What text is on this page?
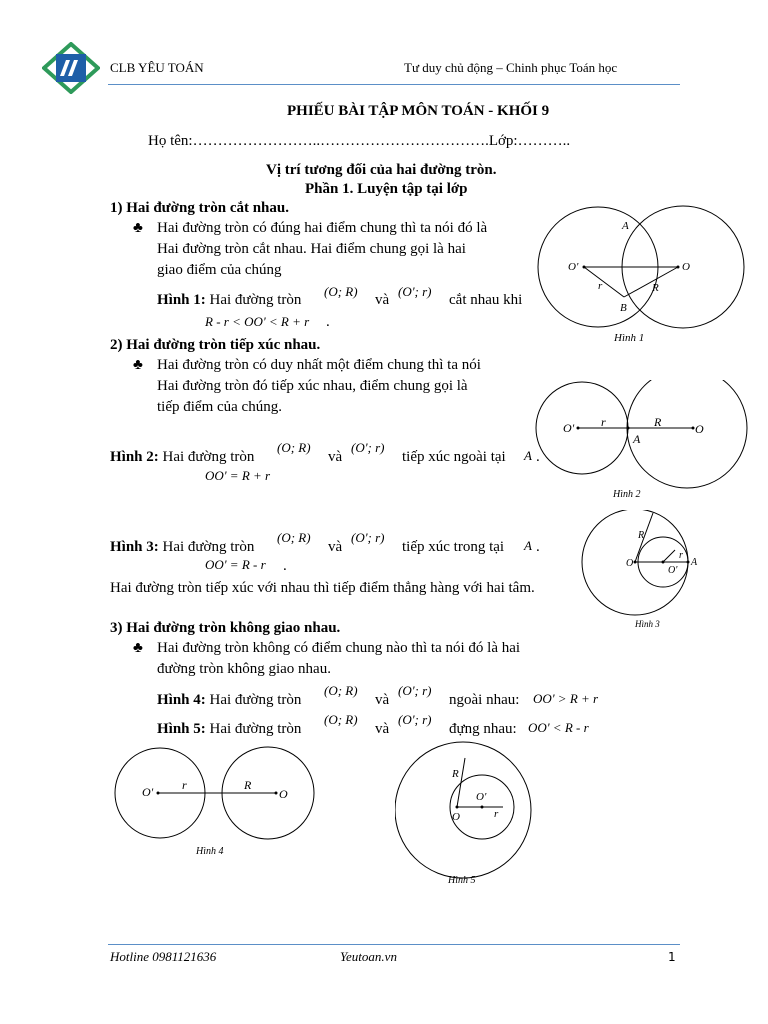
CLB YÊU TOÁN	Tư duy chủ động – Chinh phục Toán học
PHIẾU BÀI TẬP MÔN TOÁN - KHỐI 9
Họ tên:……………………..…………………………….Lớp:………..
Vị trí tương đối của hai đường tròn.
Phần 1. Luyện tập tại lớp
1) Hai đường tròn cắt nhau.
♣ Hai đường tròn có đúng hai điểm chung thì ta nói đó là
Hai đường tròn cắt nhau. Hai điểm chung gọi là hai
giao điểm của chúng
Hình 1: Hai đường tròn
(O; R)
và
(O'; r)
cắt nhau khi
R - r < OO' < R + r .
O'	O
A
B
r	R
Hình 1
2) Hai đường tròn tiếp xúc nhau.
♣ Hai đường tròn có duy nhất một điểm chung thì ta nói
Hai đường tròn đó tiếp xúc nhau, điểm chung gọi là
tiếp điểm của chúng.
Hình 2: Hai đường tròn
(O; R)
và
(O'; r)
tiếp xúc ngoài tại A .
OO' = R + r
O'	O
A
r	R
Hình 2
Hình 3: Hai đường tròn
(O; R)
và
(O'; r)
tiếp xúc trong tại A .
OO' = R - r .
Hai đường tròn tiếp xúc với nhau thì tiếp điểm thẳng hàng với hai tâm.
O
O'
A
r
R
Hình 3
3) Hai đường tròn không giao nhau.
♣ Hai đường tròn không có điểm chung nào thì ta nói đó là hai
đường tròn không giao nhau.
Hình 4: Hai đường tròn
(O; R)
và
(O'; r)
ngoài nhau: OO' > R + r
Hình 5: Hai đường tròn
(O; R)
và
(O'; r)
đựng nhau: OO' < R - r
O'	O
r	R
Hình 4
O
O'
R
r
Hình 5
Hotline 0981121636	Yeutoan.vn	1
